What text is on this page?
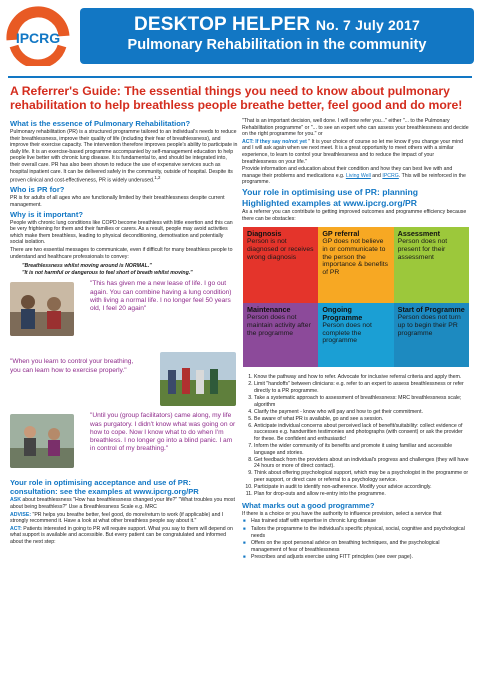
IPCRG
DESKTOP HELPER No. 7 July 2017
Pulmonary Rehabilitation in the community
A Referrer's Guide: The essential things you need to know about pulmonary rehabilitation to help breathless people breathe better, feel good and do more!
What is the essence of Pulmonary Rehabilitation?

Pulmonary rehabilitation (PR) is a structured programme tailored to an individual's needs to reduce their breathlessness, improve their quality of life (including their fear of breathlessness), and improve their exercise capacity. The intervention therefore improves people's ability to participate in daily life. It is an exercise-based programme accompanied by self-management education to help people live better with chronic lung disease. It is fundamental to, and should be integrated into, their overall care. PR has also been shown to reduce the use of expensive services such as hospital inpatient care. It can be delivered safely in the community, outside of hospital. Despite its proven clinical and cost-effectiveness, PR is widely underused.$^{1,2}$

Who is PR for?

PR is for adults of all ages who are functionally limited by their breathlessness despite current management.

Why is it important?

People with chronic lung conditions like COPD become breathless with little exertion and this can be very frightening for them and their families or carers. As a result, people may avoid activities which make them breathless, leading to physical deconditioning, demotivation and potentially social isolation.

There are two essential messages to communicate, even if difficult for many breathless people to understand and healthcare professionals to convey:

"Breathlessness whilst moving around is NORMAL."
"It is not harmful or dangerous to feel short of breath whilst moving."
"This has given me a new lease of life. I go out again. You can combine having a lung condition) with living a normal life. I no longer feel 50 years old, I feel 20 again"
"When you learn to control your breathing, you can learn how to exercise properly."
"Until you (group facilitators) came along, my life was purgatory. I didn't know what was going on or how to cope. Now I know what to do when I'm breathless. I no longer go into a blind panic. I am in control of my breathing."
Your role in optimising acceptance and use of PR: consultation: see the examples at www.ipcrg.org/PR

ASK about breathlessness "How has breathlessness changed your life?" "What troubles you most about being breathless?" Use a Breathlessness Scale e.g. MRC

ADVISE: "PR helps you breathe better, feel good, do more/return to work (if applicable) and I strongly recommend it. Have a look at what other breathless people say about it."

ACT: Patients interested in going to PR will require support. What you say to them will depend on what support is available and accessible. But every patient can be congratulated and informed about the next step:

"That is an important decision, well done. I will now refer you..." either "... to the Pulmonary Rehabilitation programme" or "... to see an expert who can assess your breathlessness and decide on the right programme for you." or

ACT: If they say no/not yet " It is your choice of course so let me know if you change your mind and I will ask again when we next meet. It is a great opportunity to meet others with a similar experience, to learn to control your breathlessness and to reduce the impact of your breathlessness on your life."

Provide information and education about their condition and how they can best live with and manage their problems and medications e.g. Living Well and IPCRG. This will be reinforced in the programme.

Your role in optimising use of PR: planning
Highlighted examples at www.ipcrg.org/PR

As a referrer you can contribute to getting improved outcomes and programme efficiency because there can be obstacles:

Diagnosis
Person is not diagnosed or receives wrong diagnosis
GP referral
GP does not believe in or communicate to the person the importance & benefits of PR
Assessment
Person does not present for their assessment
Maintenance
Person does not maintain activity after the programme
Ongoing Programme
Person does not complete the programme
Start of Programme
Person does not turn up to begin their PR programme
1. Know the pathway and how to refer. Advocate for inclusive referral criteria and apply them.
2. Limit "handoffs" between clinicians: e.g. refer to an expert to assess breathlessness or refer directly to a PR programme.
3. Take a systematic approach to assessment of breathlessness: MRC breathlessness scale; algorithm
4. Clarify the payment - know who will pay and how to get their commitment.
5. Be aware of what PR is available, go and see a session.
6. Anticipate individual concerns about perceived lack of benefit/suitability: collect evidence of successes e.g. handwritten testimonies and photographs (with consent) or ask the provider for these. Be confident and enthusiastic!
7. Inform the wider community of its benefits and promote it using familiar and accessible language and stories.
8. Get feedback from the providers about an individual's progress and challenges (they will have 24 hours or more of direct contact).
9. Think about offering psychological support, which may be a psychologist in the programme or peer support, or direct care or referral to a psychology service.
10. Participate in audit to identify non-adherence. Modify your advice accordingly.
11. Plan for drop-outs and allow re-entry into the programme.
What marks out a good programme?

If there is a choice or you have the authority to influence provision, select a service that

■ Has trained staff with expertise in chronic lung disease
■ Tailors the programme to the individual's specific physical, social, cognitive and psychological needs
■ Offers on the spot personal advice on breathing techniques, and the psychological management of fear of breathlessness
■ Prescribes and adjusts exercise using FITT principles (see over page).
